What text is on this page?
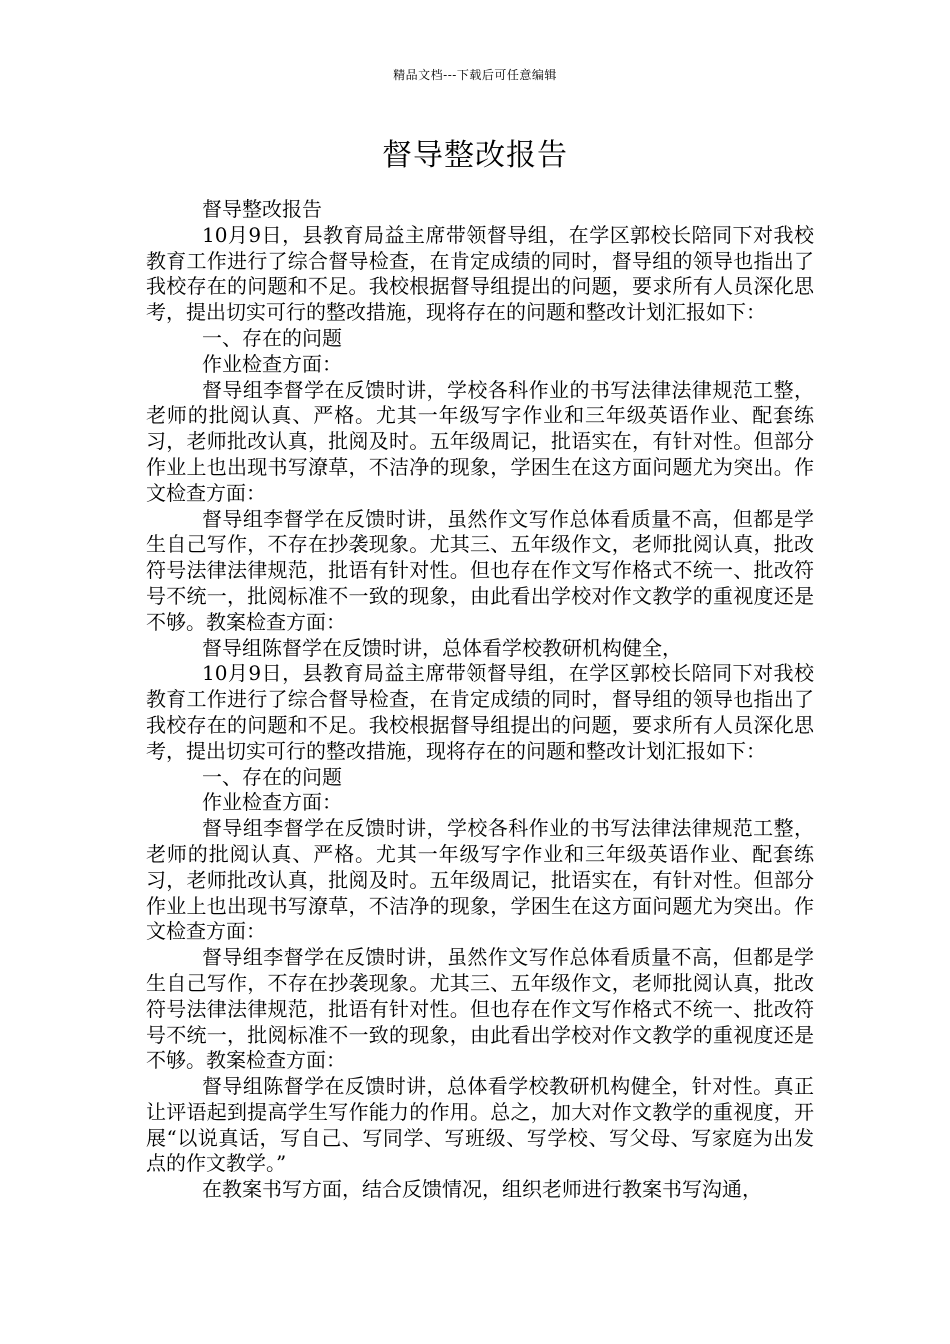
精品文档---下载后可任意编辑
督导整改报告

督导整改报告

10月9日，县教育局益主席带领督导组，在学区郭校长陪同下对我校教育工作进行了综合督导检查，在肯定成绩的同时，督导组的领导也指出了我校存在的问题和不足。我校根据督导组提出的问题，要求所有人员深化思考，提出切实可行的整改措施，现将存在的问题和整改计划汇报如下：

一、存在的问题

作业检查方面：

督导组李督学在反馈时讲，学校各科作业的书写法律法律规范工整，老师的批阅认真、严格。尤其一年级写字作业和三年级英语作业、配套练习，老师批改认真，批阅及时。五年级周记，批语实在，有针对性。但部分作业上也出现书写潦草，不洁净的现象，学困生在这方面问题尤为突出。作文检查方面：

督导组李督学在反馈时讲，虽然作文写作总体看质量不高，但都是学生自己写作，不存在抄袭现象。尤其三、五年级作文，老师批阅认真，批改符号法律法律规范，批语有针对性。但也存在作文写作格式不统一、批改符号不统一，批阅标准不一致的现象，由此看出学校对作文教学的重视度还是不够。教案检查方面：

督导组陈督学在反馈时讲，总体看学校教研机构健全，

10月9日，县教育局益主席带领督导组，在学区郭校长陪同下对我校教育工作进行了综合督导检查，在肯定成绩的同时，督导组的领导也指出了我校存在的问题和不足。我校根据督导组提出的问题，要求所有人员深化思考，提出切实可行的整改措施，现将存在的问题和整改计划汇报如下：

一、存在的问题

作业检查方面：

督导组李督学在反馈时讲，学校各科作业的书写法律法律规范工整，老师的批阅认真、严格。尤其一年级写字作业和三年级英语作业、配套练习，老师批改认真，批阅及时。五年级周记，批语实在，有针对性。但部分作业上也出现书写潦草，不洁净的现象，学困生在这方面问题尤为突出。作文检查方面：

督导组李督学在反馈时讲，虽然作文写作总体看质量不高，但都是学生自己写作，不存在抄袭现象。尤其三、五年级作文，老师批阅认真，批改符号法律法律规范，批语有针对性。但也存在作文写作格式不统一、批改符号不统一，批阅标准不一致的现象，由此看出学校对作文教学的重视度还是不够。教案检查方面：

督导组陈督学在反馈时讲，总体看学校教研机构健全，针对性。真正让评语起到提高学生写作能力的作用。总之，加大对作文教学的重视度，开展“以说真话，写自己、写同学、写班级、写学校、写父母、写家庭为出发点的作文教学。”

在教案书写方面，结合反馈情况，组织老师进行教案书写沟通，
